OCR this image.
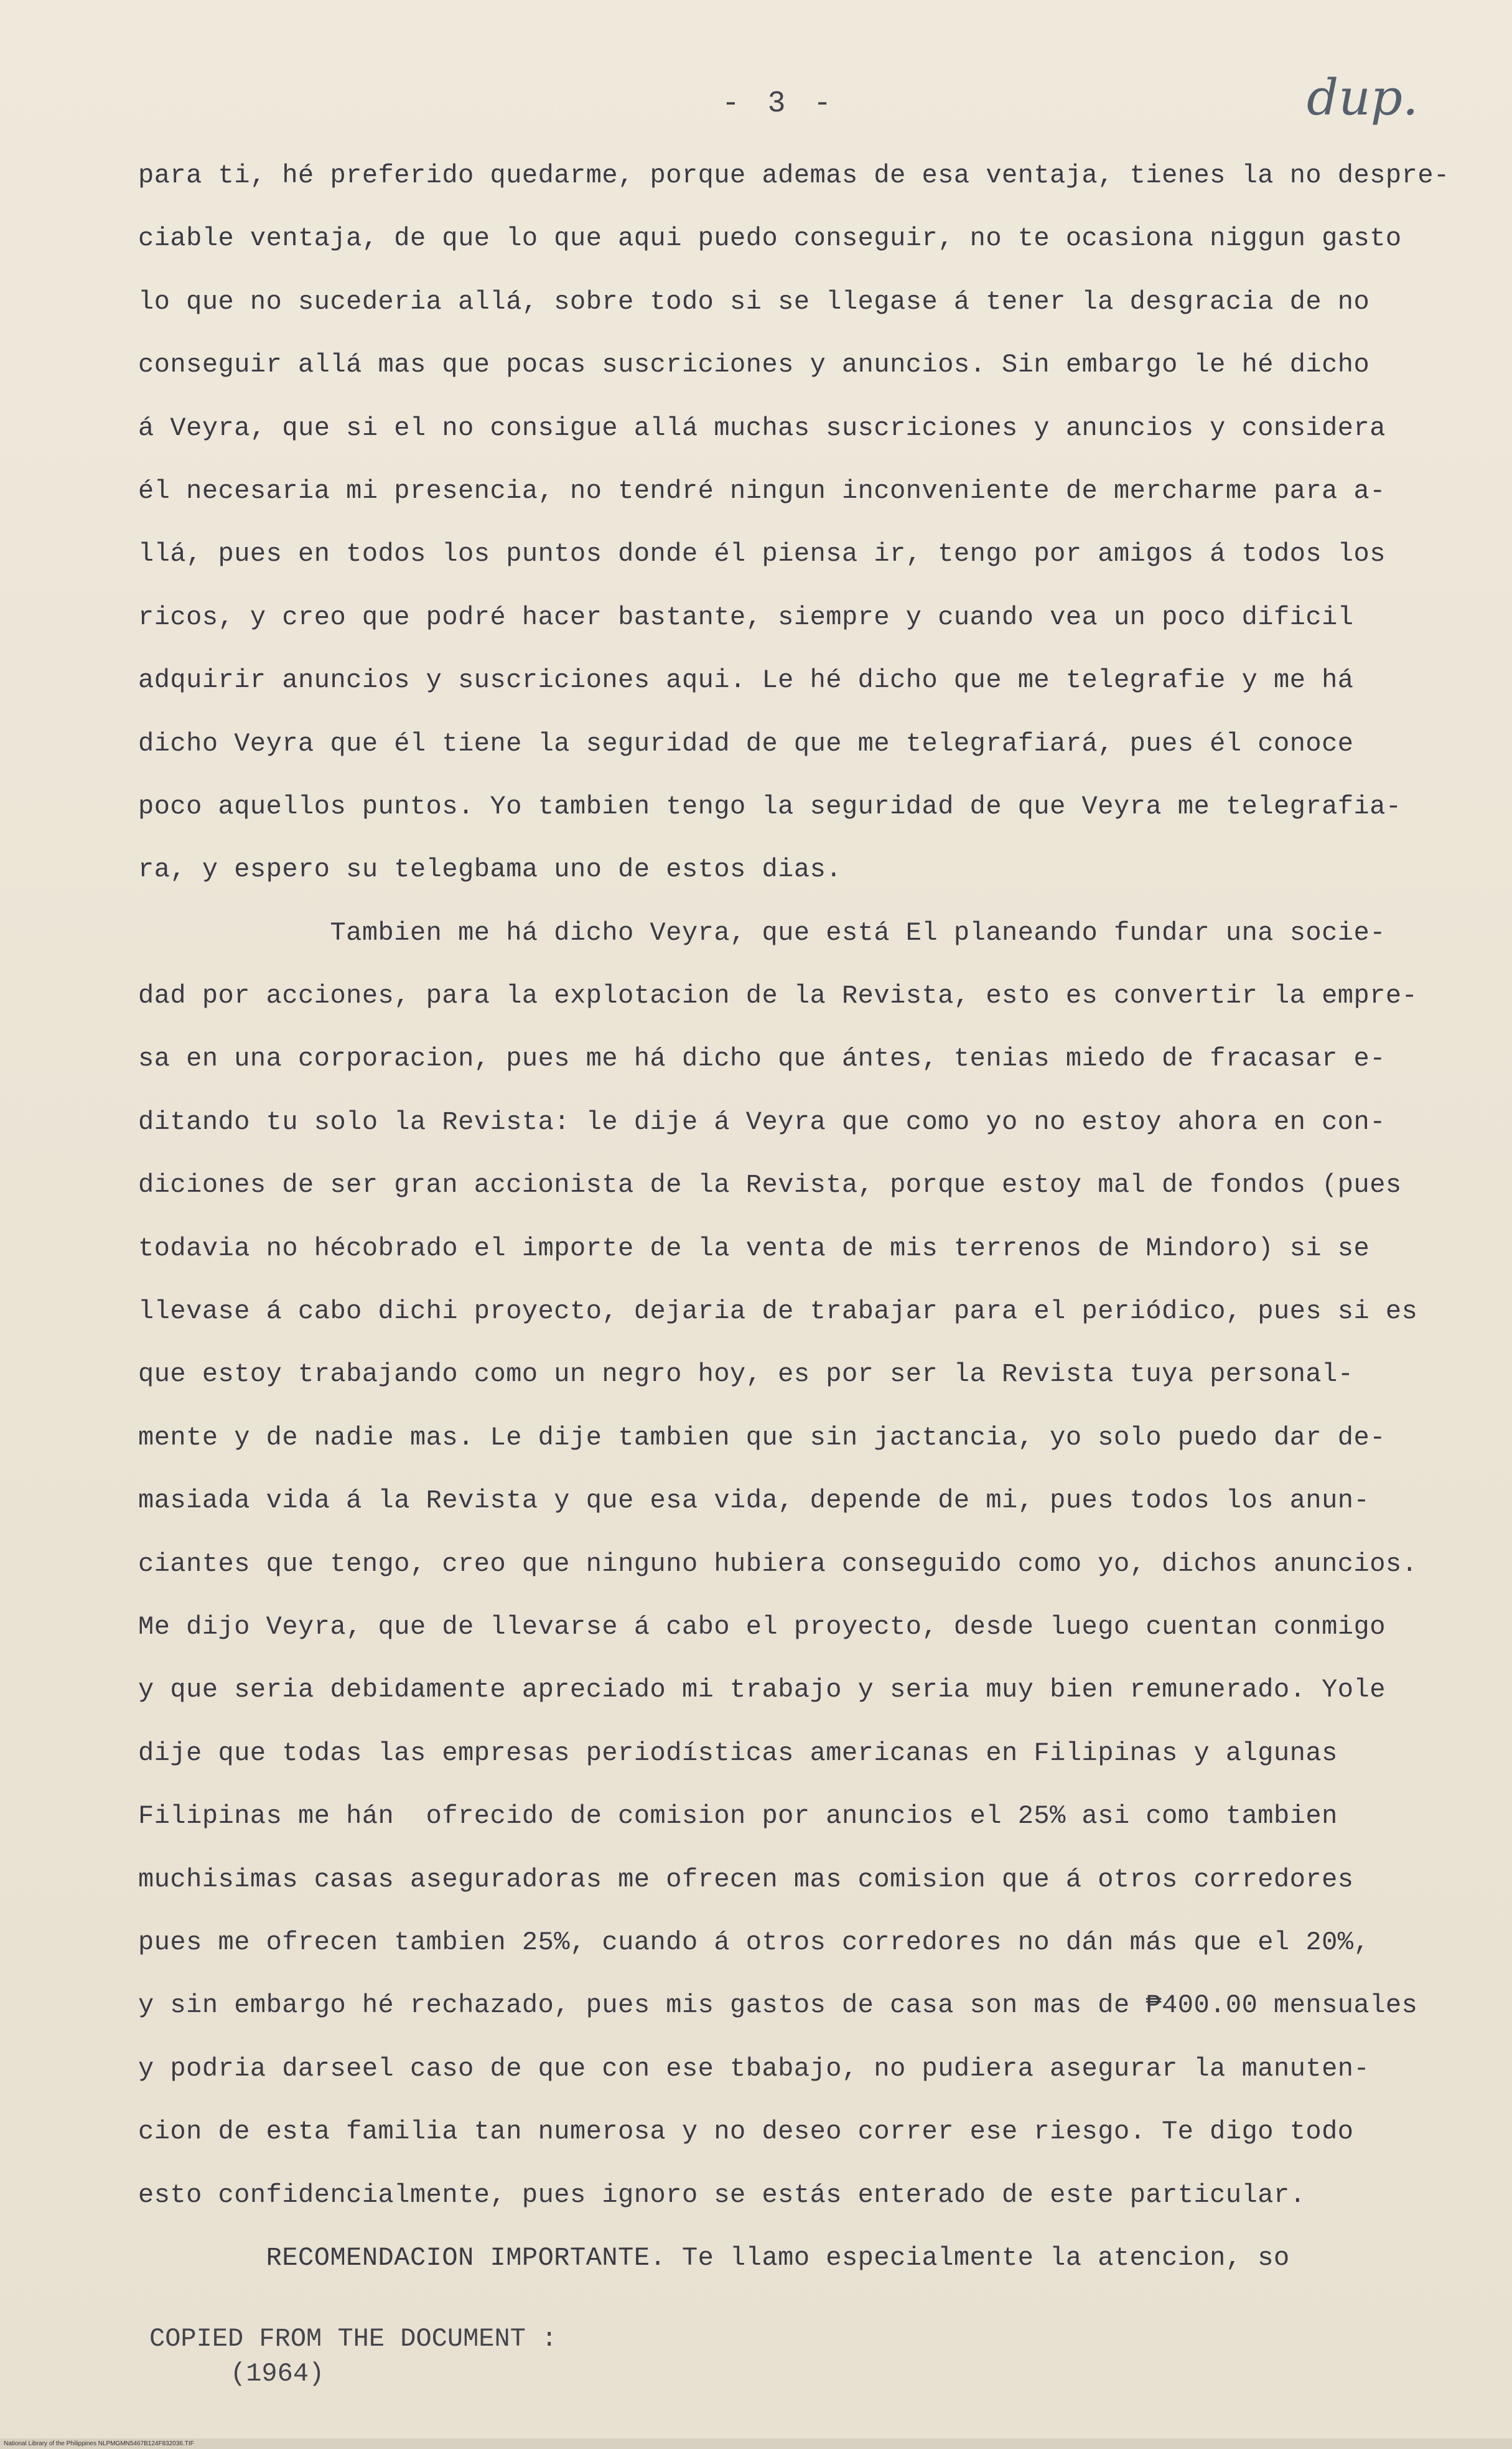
- 3 -	dup.
para ti, hé preferido quedarme, porque ademas de esa ventaja, tienes la no despre-
ciable ventaja, de que lo que aqui puedo conseguir, no te ocasiona niggun gasto
lo que no sucederia allá, sobre todo si se llegase á tener la desgracia de no
conseguir allá mas que pocas suscriciones y anuncios. Sin embargo le hé dicho
á Veyra, que si el no consigue allá muchas suscriciones y anuncios y considera
él necesaria mi presencia, no tendré ningun inconveniente de mercharme para a-
llá, pues en todos los puntos donde él piensa ir, tengo por amigos á todos los
ricos, y creo que podré hacer bastante, siempre y cuando vea un poco dificil
adquirir anuncios y suscriciones aqui. Le hé dicho que me telegrafie y me há
dicho Veyra que él tiene la seguridad de que me telegrafiará, pues él conoce
poco aquellos puntos. Yo tambien tengo la seguridad de que Veyra me telegrafia-
ra, y espero su telegbama uno de estos dias.
Tambien me há dicho Veyra, que está El planeando fundar una socie-
dad por acciones, para la explotacion de la Revista, esto es convertir la empre-
sa en una corporacion, pues me há dicho que ántes, tenias miedo de fracasar e-
ditando tu solo la Revista: le dije á Veyra que como yo no estoy ahora en con-
diciones de ser gran accionista de la Revista, porque estoy mal de fondos (pues
todavia no hécobrado el importe de la venta de mis terrenos de Mindoro) si se
llevase á cabo dichi proyecto, dejaria de trabajar para el periódico, pues si es
que estoy trabajando como un negro hoy, es por ser la Revista tuya personal-
mente y de nadie mas. Le dije tambien que sin jactancia, yo solo puedo dar de-
masiada vida á la Revista y que esa vida, depende de mi, pues todos los anun-
ciantes que tengo, creo que ninguno hubiera conseguido como yo, dichos anuncios.
Me dijo Veyra, que de llevarse á cabo el proyecto, desde luego cuentan conmigo
y que seria debidamente apreciado mi trabajo y seria muy bien remunerado. Yole
dije que todas las empresas periodísticas americanas en Filipinas y algunas
Filipinas me hán  ofrecido de comision por anuncios el 25% asi como tambien
muchisimas casas aseguradoras me ofrecen mas comision que á otros corredores
pues me ofrecen tambien 25%, cuando á otros corredores no dán más que el 20%,
y sin embargo hé rechazado, pues mis gastos de casa son mas de ₱400.00 mensuales
y podria darseel caso de que con ese tbabajo, no pudiera asegurar la manuten-
cion de esta familia tan numerosa y no deseo correr ese riesgo. Te digo todo
esto confidencialmente, pues ignoro se estás enterado de este particular.
RECOMENDACION IMPORTANTE. Te llamo especialmente la atencion, so
COPIED FROM THE DOCUMENT :
(1964)
National Library of the Philippines NLPMGMN5467B124F832036.TIF
